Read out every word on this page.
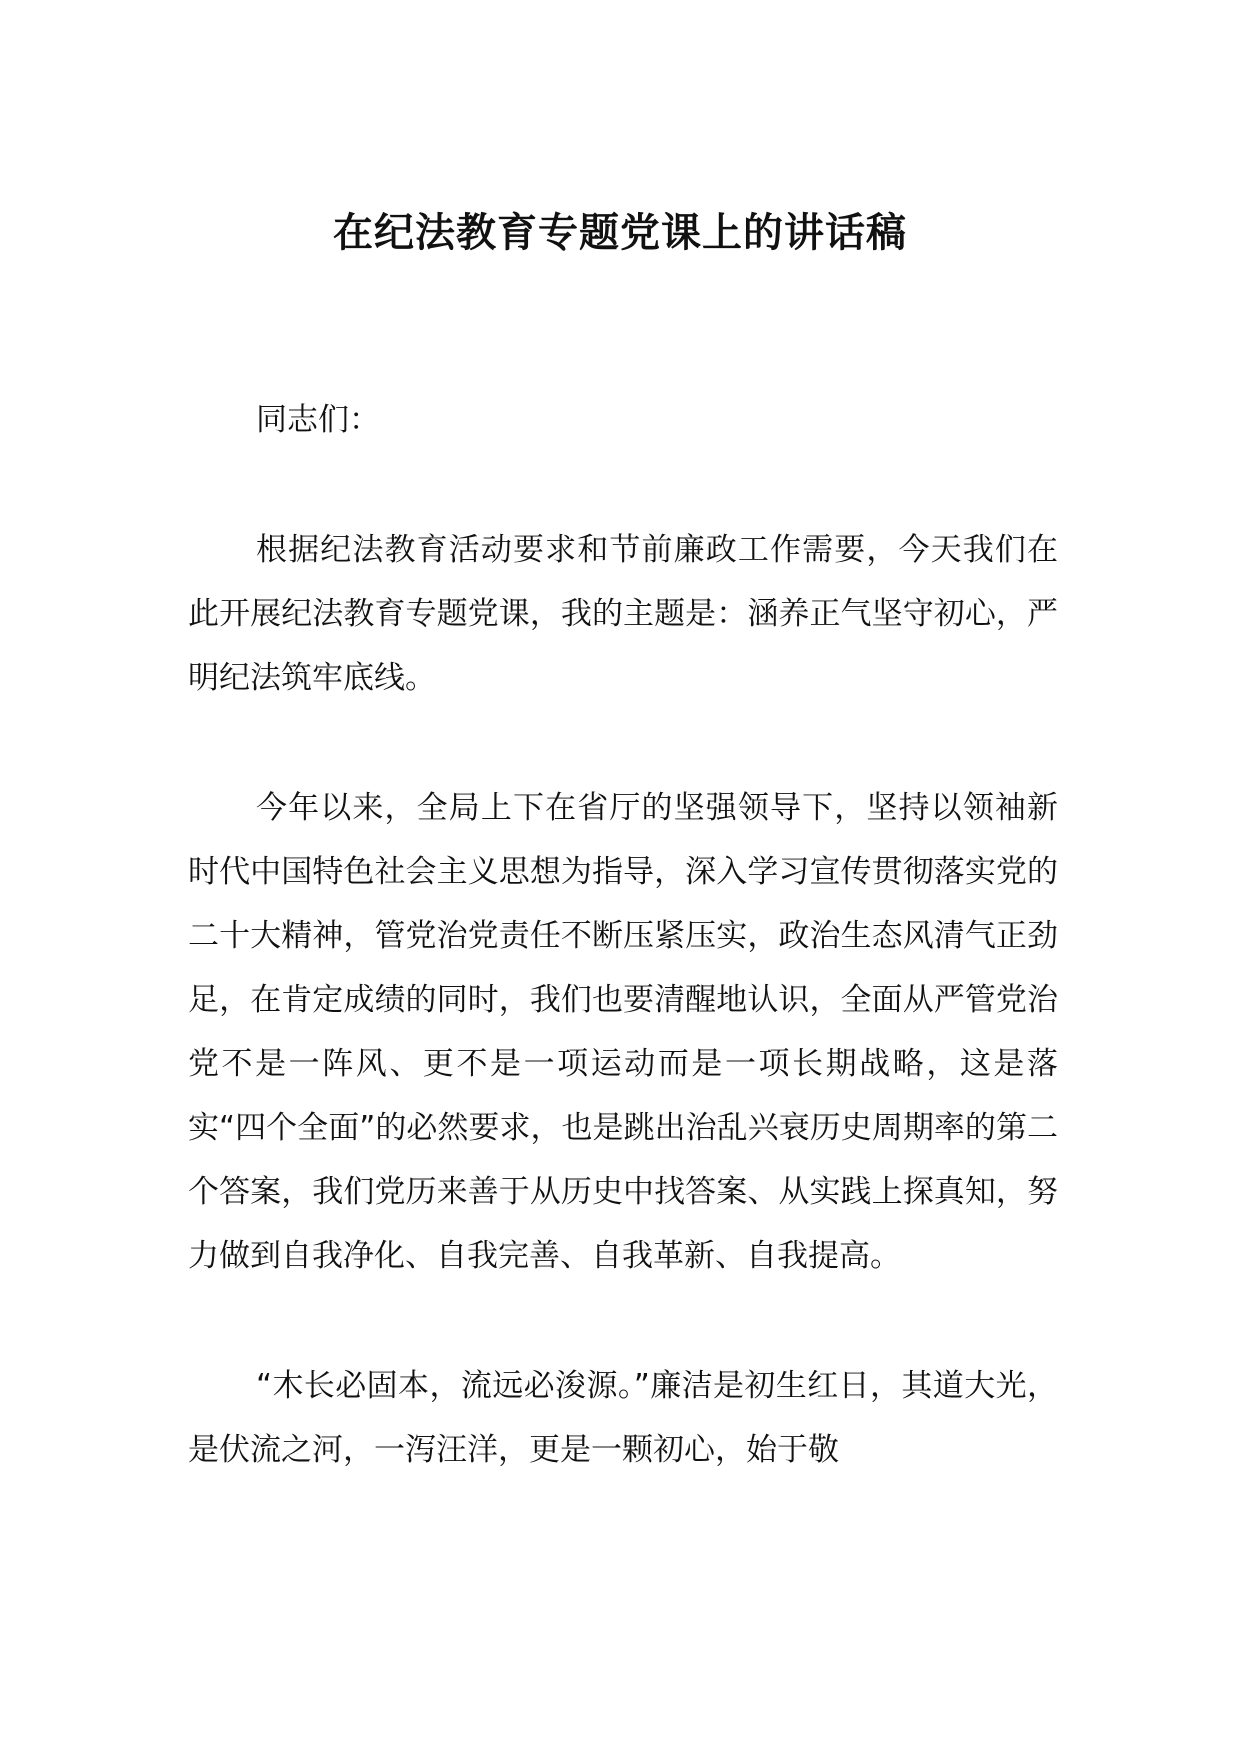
在纪法教育专题党课上的讲话稿

同志们：

根据纪法教育活动要求和节前廉政工作需要，今天我们在此开展纪法教育专题党课，我的主题是：涵养正气坚守初心，严明纪法筑牢底线。

今年以来，全局上下在省厅的坚强领导下，坚持以领袖新时代中国特色社会主义思想为指导，深入学习宣传贯彻落实党的二十大精神，管党治党责任不断压紧压实，政治生态风清气正劲足，在肯定成绩的同时，我们也要清醒地认识，全面从严管党治党不是一阵风、更不是一项运动而是一项长期战略，这是落实“四个全面”的必然要求，也是跳出治乱兴衰历史周期率的第二个答案，我们党历来善于从历史中找答案、从实践上探真知，努力做到自我净化、自我完善、自我革新、自我提高。

“木长必固本，流远必浚源。”廉洁是初生红日，其道大光，是伏流之河，一泻汪洋，更是一颗初心，始于敬
